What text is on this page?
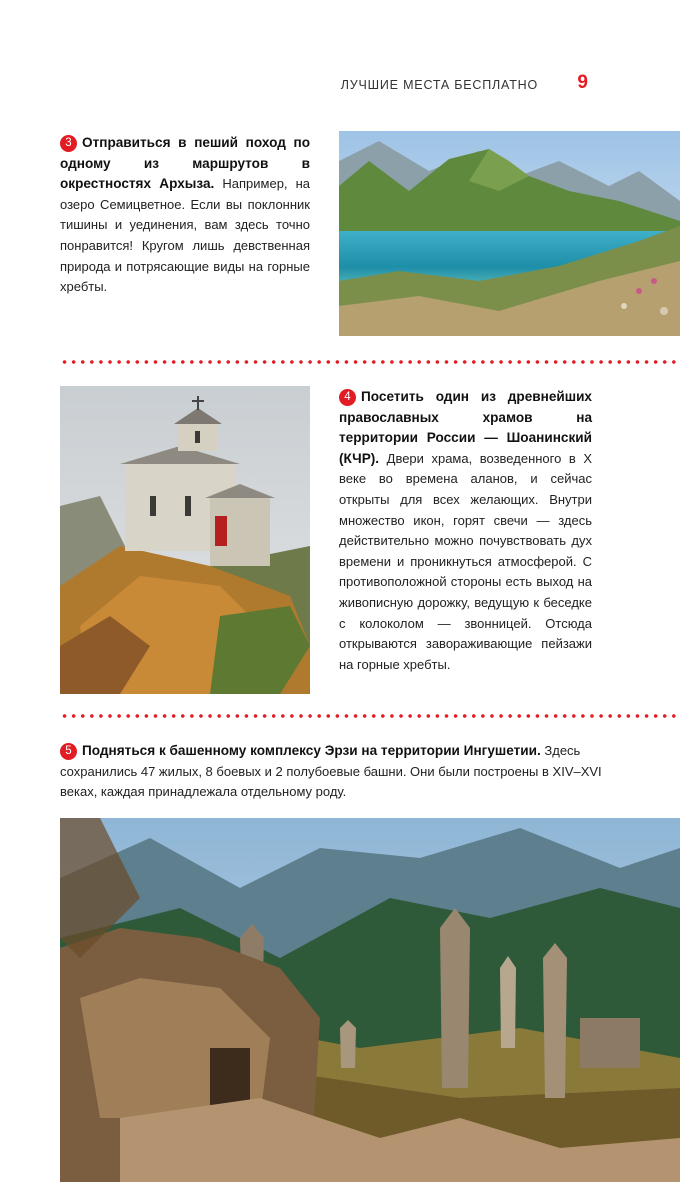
ЛУЧШИЕ МЕСТА БЕСПЛАТНО 9
3 Отправиться в пеший поход по одному из маршрутов в окрестностях Архыза. Например, на озеро Семицветное. Если вы поклонник тишины и уединения, вам здесь точно понравится! Кругом лишь девственная природа и потрясающие виды на горные хребты.
4 Посетить один из древнейших православных храмов на территории России — Шоанинский (КЧР). Двери храма, возведенного в X веке во времена аланов, и сейчас открыты для всех желающих. Внутри множество икон, горят свечи — здесь действительно можно почувствовать дух времени и проникнуться атмосферой. С противоположной стороны есть выход на живописную дорожку, ведущую к беседке с колоколом — звонницей. Отсюда открываются завораживающие пейзажи на горные хребты.
5 Подняться к башенному комплексу Эрзи на территории Ингушетии. Здесь сохранились 47 жилых, 8 боевых и 2 полубоевые башни. Они были построены в XIV–XVI веках, каждая принадлежала отдельному роду.
